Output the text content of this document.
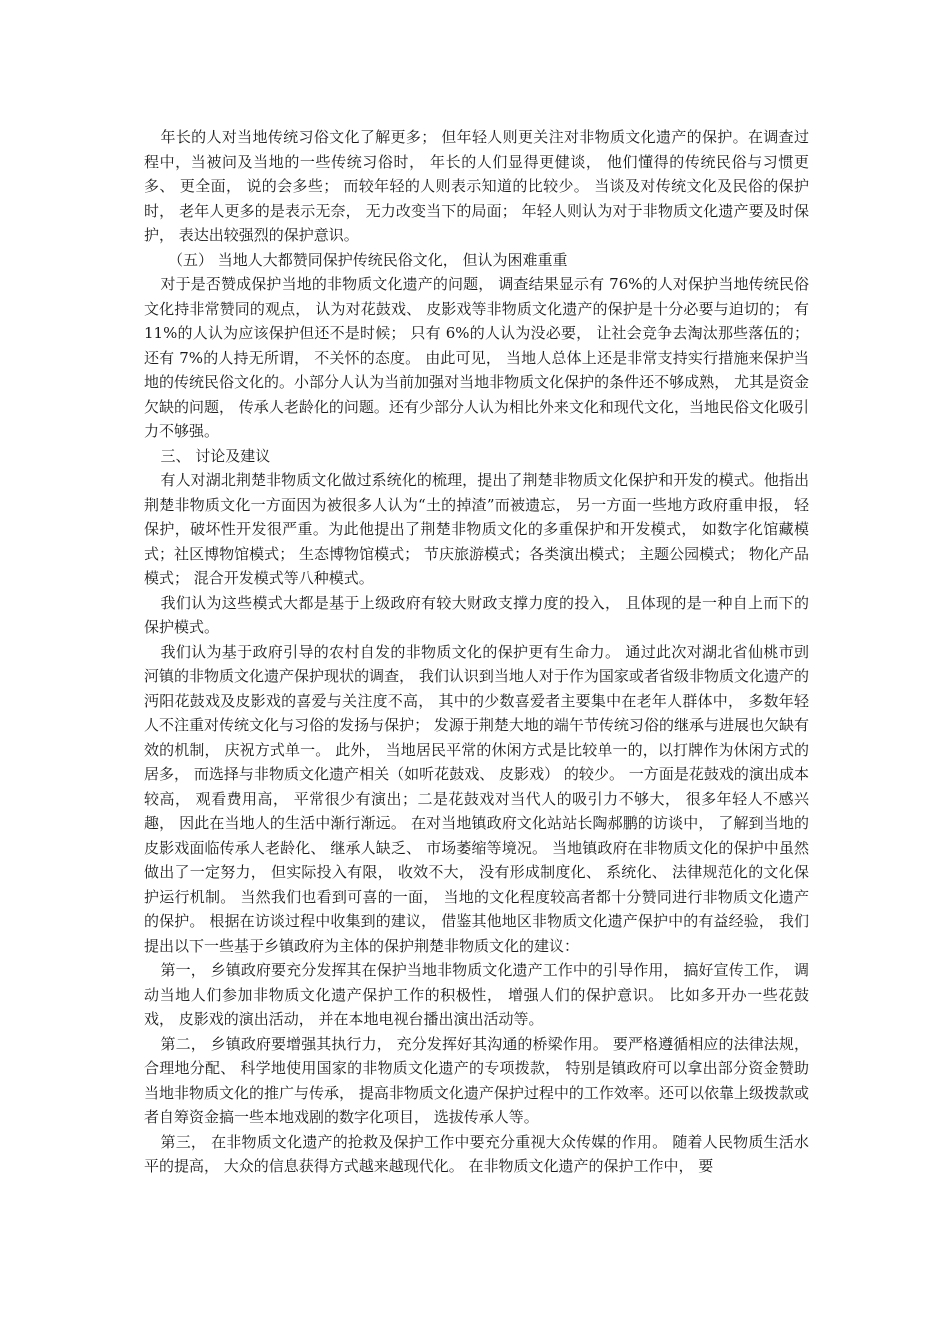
年长的人对当地传统习俗文化了解更多； 但年轻人则更关注对非物质文化遗产的保护。在调查过程中，当被问及当地的一些传统习俗时， 年长的人们显得更健谈， 他们懂得的传统民俗与习惯更多、 更全面， 说的会多些； 而较年轻的人则表示知道的比较少。 当谈及对传统文化及民俗的保护时， 老年人更多的是表示无奈， 无力改变当下的局面； 年轻人则认为对于非物质文化遗产要及时保护， 表达出较强烈的保护意识。

（五） 当地人大都赞同保护传统民俗文化， 但认为困难重重

对于是否赞成保护当地的非物质文化遗产的问题， 调查结果显示有 76%的人对保护当地传统民俗文化持非常赞同的观点， 认为对花鼓戏、 皮影戏等非物质文化遗产的保护是十分必要与迫切的； 有 11%的人认为应该保护但还不是时候； 只有 6%的人认为没必要， 让社会竞争去淘汰那些落伍的； 还有 7%的人持无所谓， 不关怀的态度。 由此可见， 当地人总体上还是非常支持实行措施来保护当地的传统民俗文化的。小部分人认为当前加强对当地非物质文化保护的条件还不够成熟， 尤其是资金欠缺的问题， 传承人老龄化的问题。还有少部分人认为相比外来文化和现代文化，当地民俗文化吸引力不够强。

三、 讨论及建议

有人对湖北荆楚非物质文化做过系统化的梳理，提出了荆楚非物质文化保护和开发的模式。他指出荆楚非物质文化一方面因为被很多人认为“土的掉渣”而被遗忘， 另一方面一些地方政府重申报， 轻保护，破坏性开发很严重。为此他提出了荆楚非物质文化的多重保护和开发模式， 如数字化馆藏模式；社区博物馆模式； 生态博物馆模式； 节庆旅游模式；各类演出模式； 主题公园模式； 物化产品模式； 混合开发模式等八种模式。

我们认为这些模式大都是基于上级政府有较大财政支撑力度的投入， 且体现的是一种自上而下的保护模式。

我们认为基于政府引导的农村自发的非物质文化的保护更有生命力。 通过此次对湖北省仙桃市剅河镇的非物质文化遗产保护现状的调查， 我们认识到当地人对于作为国家或者省级非物质文化遗产的沔阳花鼓戏及皮影戏的喜爱与关注度不高， 其中的少数喜爱者主要集中在老年人群体中， 多数年轻人不注重对传统文化与习俗的发扬与保护； 发源于荆楚大地的端午节传统习俗的继承与进展也欠缺有效的机制， 庆祝方式单一。 此外， 当地居民平常的休闲方式是比较单一的，以打牌作为休闲方式的居多， 而选择与非物质文化遗产相关（如听花鼓戏、 皮影戏） 的较少。 一方面是花鼓戏的演出成本较高， 观看费用高， 平常很少有演出；二是花鼓戏对当代人的吸引力不够大， 很多年轻人不感兴趣， 因此在当地人的生活中渐行渐远。 在对当地镇政府文化站站长陶郝鹏的访谈中， 了解到当地的皮影戏面临传承人老龄化、 继承人缺乏、 市场萎缩等境况。 当地镇政府在非物质文化的保护中虽然做出了一定努力， 但实际投入有限， 收效不大， 没有形成制度化、 系统化、 法律规范化的文化保护运行机制。 当然我们也看到可喜的一面， 当地的文化程度较高者都十分赞同进行非物质文化遗产的保护。 根据在访谈过程中收集到的建议， 借鉴其他地区非物质文化遗产保护中的有益经验， 我们提出以下一些基于乡镇政府为主体的保护荆楚非物质文化的建议：

第一， 乡镇政府要充分发挥其在保护当地非物质文化遗产工作中的引导作用， 搞好宣传工作， 调动当地人们参加非物质文化遗产保护工作的积极性， 增强人们的保护意识。 比如多开办一些花鼓戏， 皮影戏的演出活动， 并在本地电视台播出演出活动等。

第二， 乡镇政府要增强其执行力， 充分发挥好其沟通的桥梁作用。 要严格遵循相应的法律法规， 合理地分配、 科学地使用国家的非物质文化遗产的专项拨款， 特别是镇政府可以拿出部分资金赞助当地非物质文化的推广与传承， 提高非物质文化遗产保护过程中的工作效率。还可以依靠上级拨款或者自筹资金搞一些本地戏剧的数字化项目， 选拔传承人等。

第三， 在非物质文化遗产的抢救及保护工作中要充分重视大众传媒的作用。 随着人民物质生活水平的提高， 大众的信息获得方式越来越现代化。 在非物质文化遗产的保护工作中， 要
